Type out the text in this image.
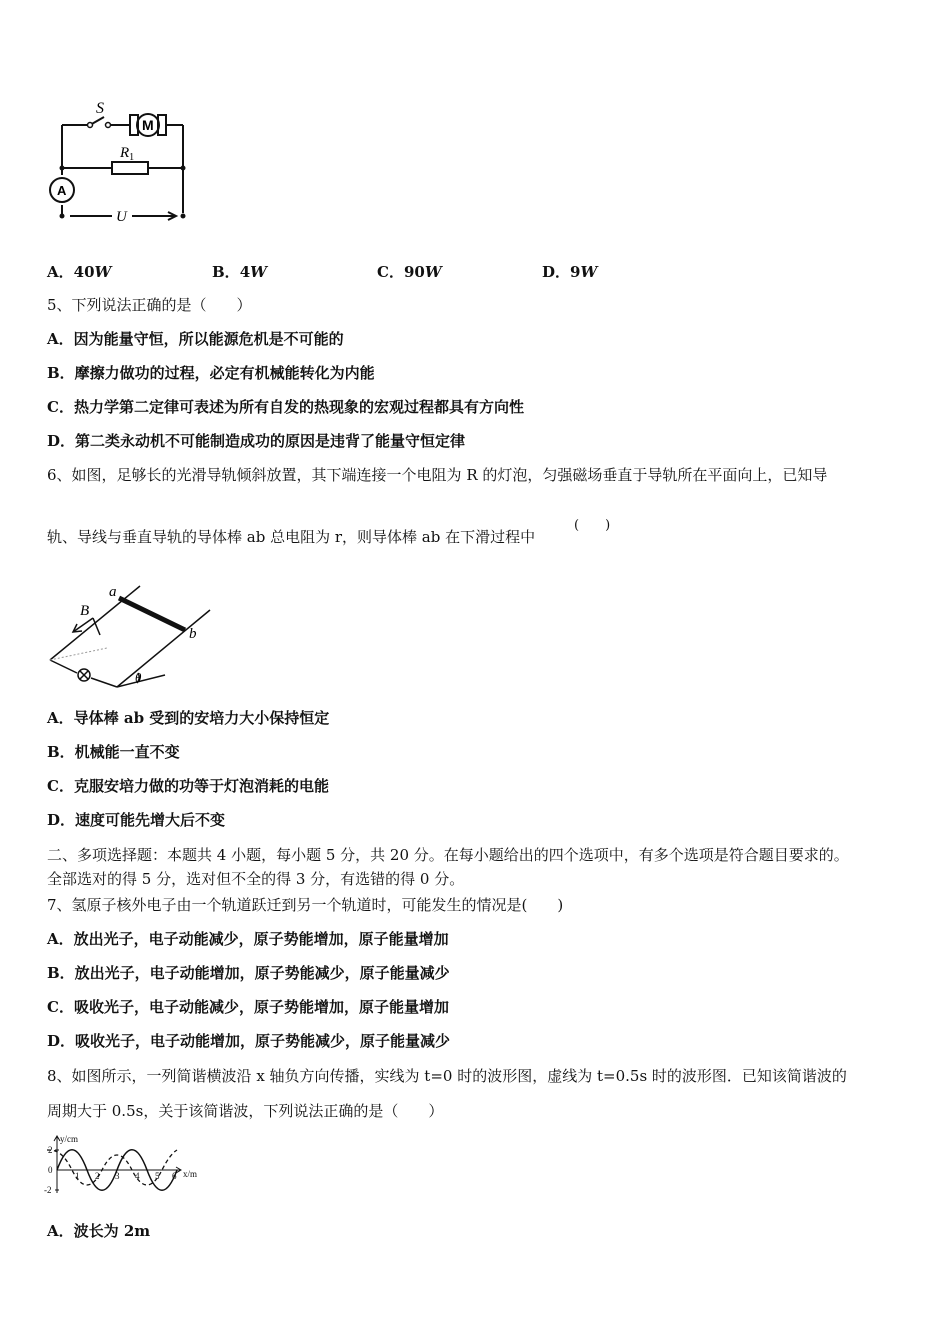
S
M
$R_1$
A
U
A．40W	B．4W	C．90W	D．9W
5、下列说法正确的是（　　）
A．因为能量守恒，所以能源危机是不可能的
B．摩擦力做功的过程，必定有机械能转化为内能
C．热力学第二定律可表述为所有自发的热现象的宏观过程都具有方向性
D．第二类永动机不可能制造成功的原因是违背了能量守恒定律
6、如图，足够长的光滑导轨倾斜放置，其下端连接一个电阻为 R 的灯泡，匀强磁场垂直于导轨所在平面向上，已知导
轨、导线与垂直导轨的导体棒 ab 总电阻为 r，则导体棒 ab 在下滑过程中
(　　)
a
b
B
θ
A．导体棒 ab 受到的安培力大小保持恒定
B．机械能一直不变
C．克服安培力做的功等于灯泡消耗的电能
D．速度可能先增大后不变
二、多项选择题：本题共 4 小题，每小题 5 分，共 20 分。在每小题给出的四个选项中，有多个选项是符合题目要求的。
全部选对的得 5 分，选对但不全的得 3 分，有选错的得 0 分。
7、氢原子核外电子由一个轨道跃迁到另一个轨道时，可能发生的情况是(　　)
A．放出光子，电子动能减少，原子势能增加，原子能量增加
B．放出光子，电子动能增加，原子势能减少，原子能量减少
C．吸收光子，电子动能减少，原子势能增加，原子能量增加
D．吸收光子，电子动能增加，原子势能减少，原子能量减少
8、如图所示，一列简谐横波沿 x 轴负方向传播，实线为 t=0 时的波形图，虚线为 t=0.5s 时的波形图．已知该简谐波的
周期大于 0.5s，关于该简谐波，下列说法正确的是（　　）
y/cm
x/m
2
0
-2
1 2 3 4 5 6
A．波长为 2m
